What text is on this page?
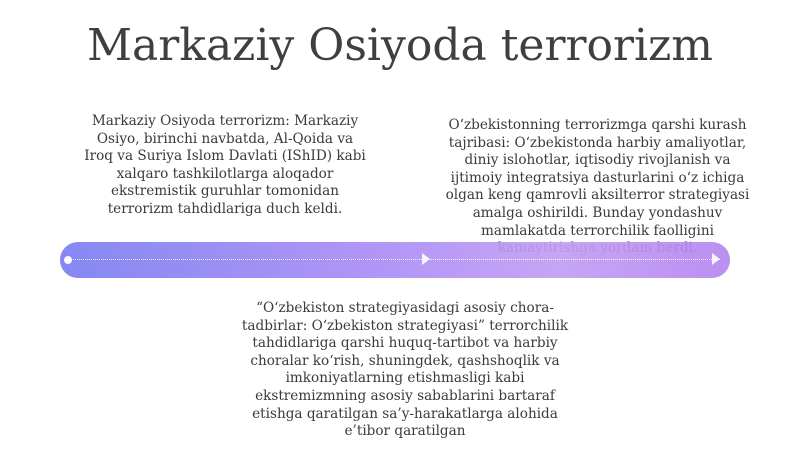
Markaziy Osiyoda terrorizm
Markaziy Osiyoda terrorizm: Markaziy
Osiyo, birinchi navbatda, Al-Qoida va
Iroq va Suriya Islom Davlati (IShID) kabi
xalqaro tashkilotlarga aloqador
ekstremistik guruhlar tomonidan
terrorizm tahdidlariga duch keldi.
O‘zbekistonning terrorizmga qarshi kurash
tajribasi: O‘zbekistonda harbiy amaliyotlar,
diniy islohotlar, iqtisodiy rivojlanish va
ijtimoiy integratsiya dasturlarini o‘z ichiga
olgan keng qamrovli aksilterror strategiyasi
amalga oshirildi. Bunday yondashuv
mamlakatda terrorchilik faolligini

“O‘zbekiston strategiyasidagi asosiy chora-
tadbirlar: O‘zbekiston strategiyasi” terrorchilik
tahdidlariga qarshi huquq-tartibot va harbiy
choralar ko‘rish, shuningdek, qashshoqlik va
imkoniyatlarning etishmasligi kabi
ekstremizmning asosiy sabablarini bartaraf
etishga qaratilgan sa’y-harakatlarga alohida
e’tibor qaratilgan
